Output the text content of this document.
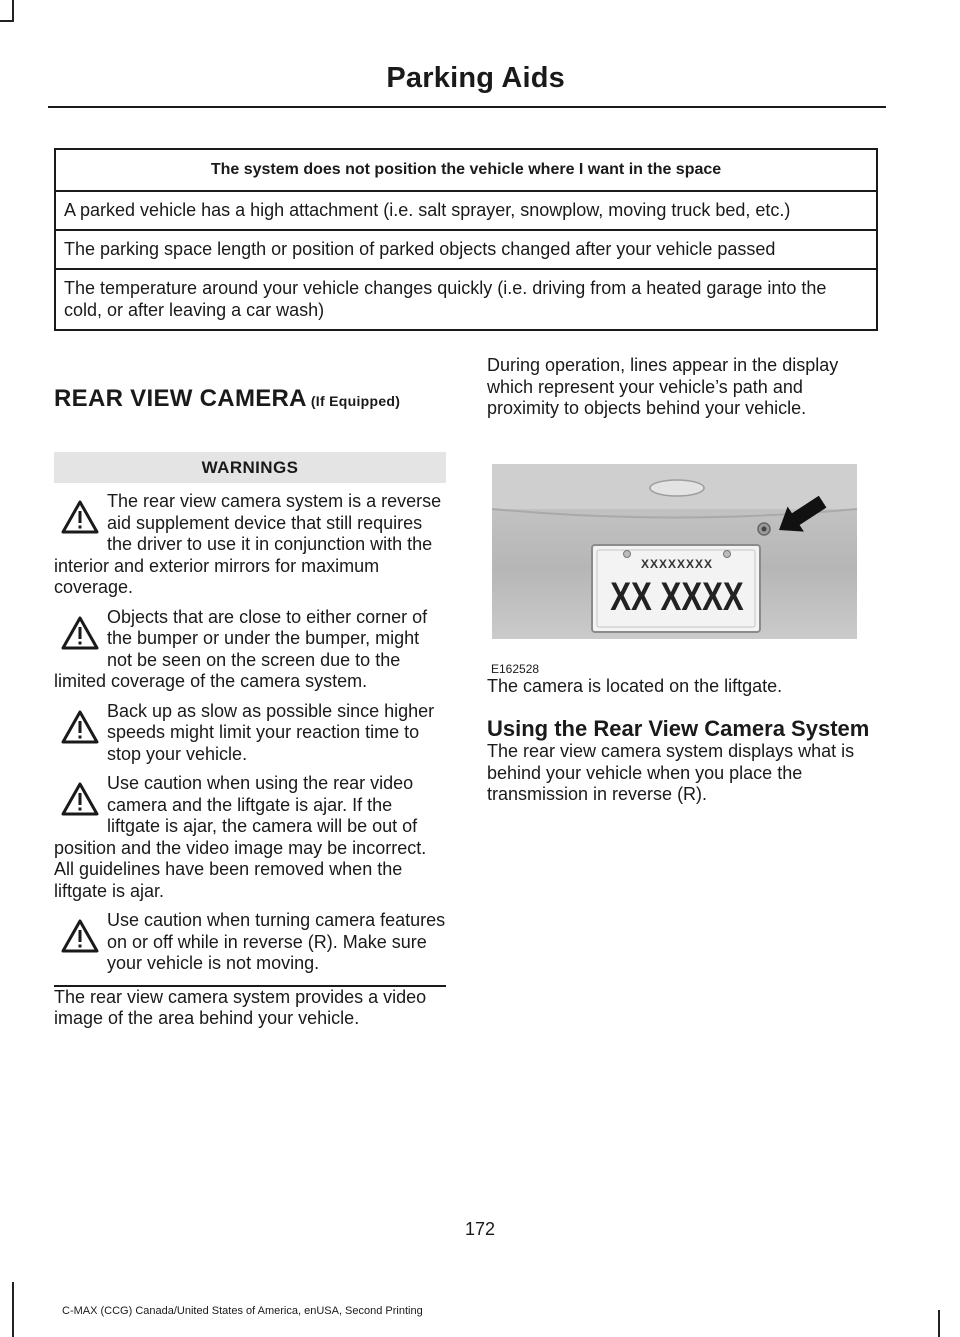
Parking Aids
The system does not position the vehicle where I want in the space
A parked vehicle has a high attachment (i.e. salt sprayer, snowplow, moving truck bed, etc.)
The parking space length or position of parked objects changed after your vehicle passed
The temperature around your vehicle changes quickly (i.e. driving from a heated garage into the cold, or after leaving a car wash)
REAR VIEW CAMERA (If Equipped)
WARNINGS
The rear view camera system is a reverse aid supplement device that still requires the driver to use it in conjunction with the interior and exterior mirrors for maximum coverage.
Objects that are close to either corner of the bumper or under the bumper, might not be seen on the screen due to the limited coverage of the camera system.
Back up as slow as possible since higher speeds might limit your reaction time to stop your vehicle.
Use caution when using the rear video camera and the liftgate is ajar. If the liftgate is ajar, the camera will be out of position and the video image may be incorrect. All guidelines have been removed when the liftgate is ajar.
Use caution when turning camera features on or off while in reverse (R). Make sure your vehicle is not moving.

The rear view camera system provides a video image of the area behind your vehicle.

During operation, lines appear in the display which represent your vehicle’s path and proximity to objects behind your vehicle.

XXXXXXXX
XX XXXX
E162528

The camera is located on the liftgate.

Using the Rear View Camera System

The rear view camera system displays what is behind your vehicle when you place the transmission in reverse (R).

172
C-MAX (CCG) Canada/United States of America, enUSA, Second Printing
